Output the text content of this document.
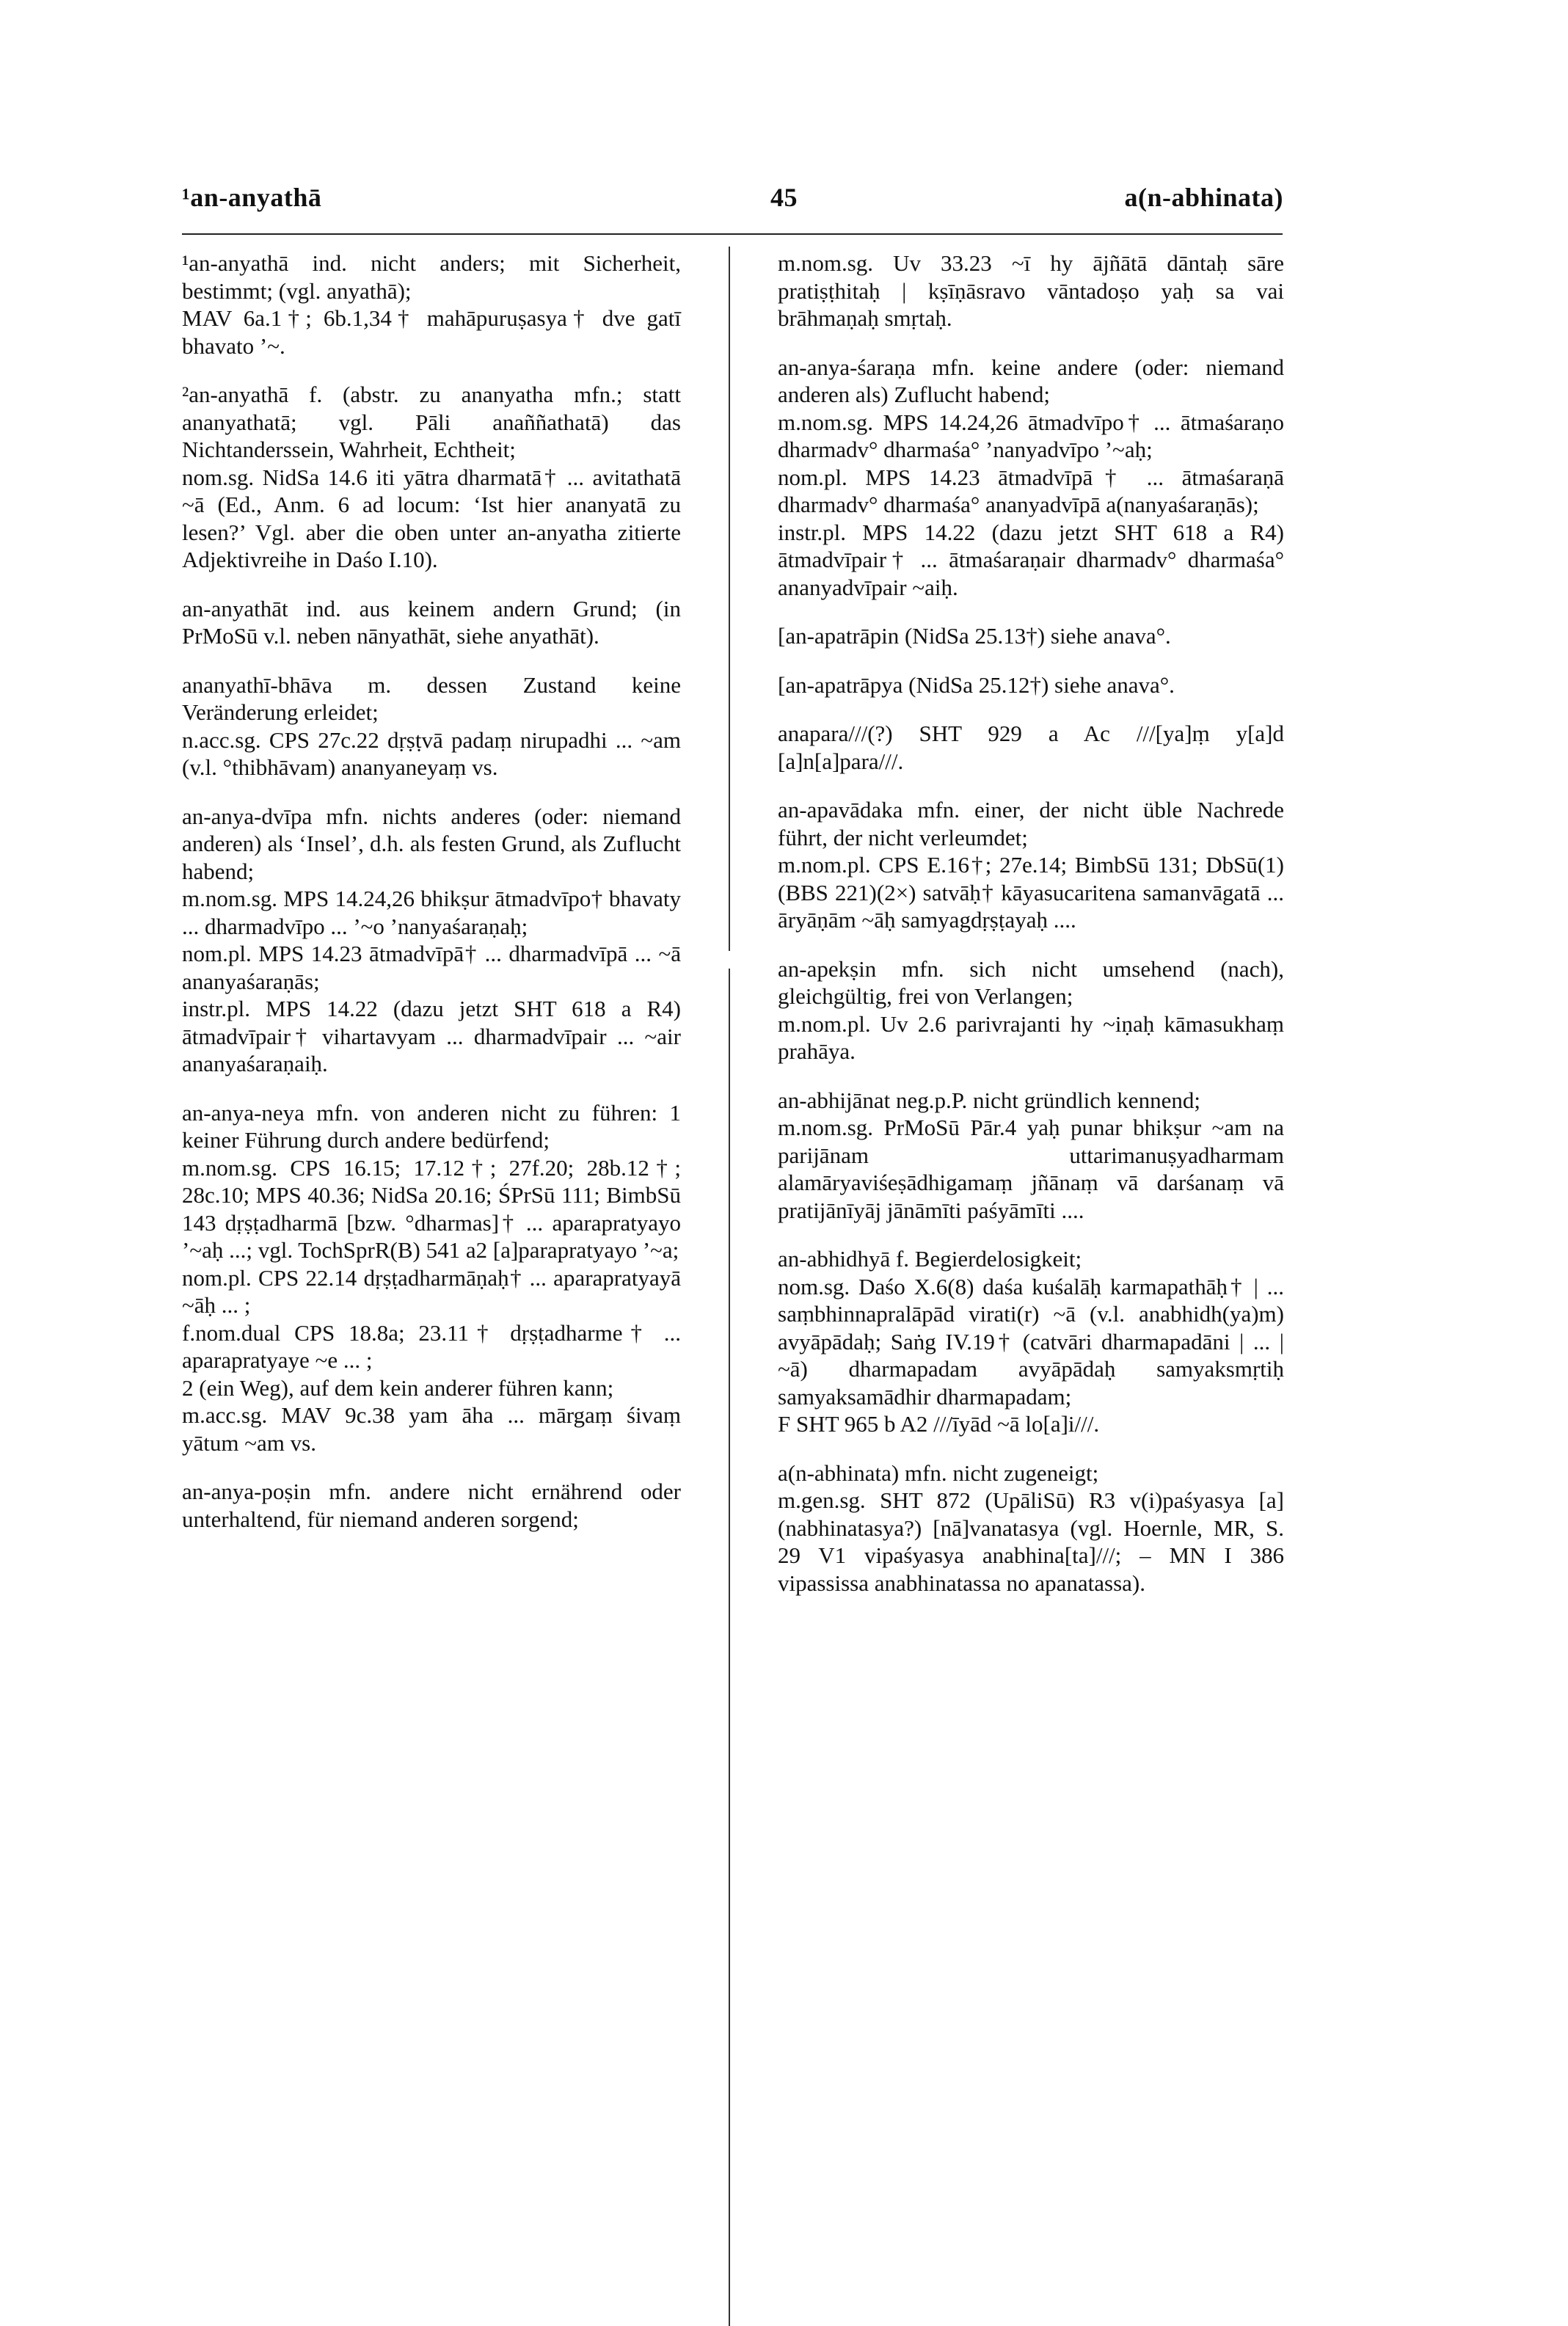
¹an-anyathā	45	a(n-abhinata)

¹an-anyathā ind. nicht anders; mit Sicherheit, bestimmt; (vgl. anyathā);

MAV 6a.1†; 6b.1,34† mahāpuruṣasya† dve gatī bhavato ’~.

²an-anyathā f. (abstr. zu ananyatha mfn.; statt ananyathatā; vgl. Pāli anaññathatā) das Nichtanderssein, Wahrheit, Echtheit;

nom.sg. NidSa 14.6 iti yātra dharmatā† ... avitathatā ~ā (Ed., Anm. 6 ad locum: ‘Ist hier ananyatā zu lesen?’ Vgl. aber die oben unter an-anyatha zitierte Adjektivreihe in Daśo I.10).

an-anyathāt ind. aus keinem andern Grund; (in PrMoSū v.l. neben nānyathāt, siehe anyathāt).

ananyathī-bhāva m. dessen Zustand keine Veränderung erleidet;

n.acc.sg. CPS 27c.22 dṛṣṭvā padaṃ nirupadhi ... ~am (v.l. °thibhāvam) ananyaneyaṃ vs.

an-anya-dvīpa mfn. nichts anderes (oder: niemand anderen) als ‘Insel’, d.h. als festen Grund, als Zuflucht habend;

m.nom.sg. MPS 14.24,26 bhikṣur ātmadvīpo† bhavaty ... dharmadvīpo ... ’~o ’nanyaśaraṇaḥ;

nom.pl. MPS 14.23 ātmadvīpā† ... dharmadvīpā ... ~ā ananyaśaraṇās;

instr.pl. MPS 14.22 (dazu jetzt SHT 618 a R4) ātmadvīpair† vihartavyam ... dharmadvīpair ... ~air ananyaśaraṇaiḥ.

an-anya-neya mfn. von anderen nicht zu führen: 1 keiner Führung durch andere bedürfend;

m.nom.sg. CPS 16.15; 17.12†; 27f.20; 28b.12†; 28c.10; MPS 40.36; NidSa 20.16; ŚPrSū 111; BimbSū 143 dṛṣṭadharmā [bzw. °dharmas]† ... aparapratyayo ’~aḥ ...; vgl. TochSprR(B) 541 a2 [a]parapratyayo ’~a;

nom.pl. CPS 22.14 dṛṣṭadharmāṇaḥ† ... aparapratyayā ~āḥ ... ;

f.nom.dual CPS 18.8a; 23.11† dṛṣṭadharme† ... aparapratyaye ~e ... ;

2 (ein Weg), auf dem kein anderer führen kann;

m.acc.sg. MAV 9c.38 yam āha ... mārgaṃ śivaṃ yātum ~am vs.

an-anya-poṣin mfn. andere nicht ernährend oder unterhaltend, für niemand anderen sorgend;

m.nom.sg. Uv 33.23 ~ī hy ājñātā dāntaḥ sāre pratiṣṭhitaḥ | kṣīṇāsravo vāntadoṣo yaḥ sa vai brāhmaṇaḥ smṛtaḥ.

an-anya-śaraṇa mfn. keine andere (oder: niemand anderen als) Zuflucht habend;

m.nom.sg. MPS 14.24,26 ātmadvīpo† ... ātmaśaraṇo dharmadv° dharmaśa° ’nanyadvīpo ’~aḥ;

nom.pl. MPS 14.23 ātmadvīpā† ... ātmaśaraṇā dharmadv° dharmaśa° ananyadvīpā a(nanyaśaraṇās);

instr.pl. MPS 14.22 (dazu jetzt SHT 618 a R4) ātmadvīpair† ... ātmaśaraṇair dharmadv° dharmaśa° ananyadvīpair ~aiḥ.

[an-apatrāpin (NidSa 25.13†) siehe anava°.

[an-apatrāpya (NidSa 25.12†) siehe anava°.

anapara///(?) SHT 929 a Ac ///[ya]ṃ y[a]d [a]n[a]para///.

an-apavādaka mfn. einer, der nicht üble Nachrede führt, der nicht verleumdet;

m.nom.pl. CPS E.16†; 27e.14; BimbSū 131; DbSū(1) (BBS 221)(2×) satvāḥ† kāyasucaritena samanvāgatā ... āryāṇām ~āḥ samyagdṛṣṭayaḥ ....

an-apekṣin mfn. sich nicht umsehend (nach), gleichgültig, frei von Verlangen;

m.nom.pl. Uv 2.6 parivrajanti hy ~iṇaḥ kāmasukhaṃ prahāya.

an-abhijānat neg.p.P. nicht gründlich kennend;

m.nom.sg. PrMoSū Pār.4 yaḥ punar bhikṣur ~am na parijānam uttarimanuṣyadharmam alamāryaviśeṣādhigamaṃ jñānaṃ vā darśanaṃ vā pratijānīyāj jānāmīti paśyāmīti ....

an-abhidhyā f. Begierdelosigkeit;

nom.sg. Daśo X.6(8) daśa kuśalāḥ karmapathāḥ† | ... saṃbhinnapralāpād virati(r) ~ā (v.l. anabhidh(ya)m) avyāpādaḥ; Saṅg IV.19† (catvāri dharmapadāni | ... | ~ā) dharmapadam avyāpādaḥ samyaksmṛtiḥ samyaksamādhir dharmapadam;

F SHT 965 b A2 ///īyād ~ā lo[a]i///.

a(n-abhinata) mfn. nicht zugeneigt;

m.gen.sg. SHT 872 (UpāliSū) R3 v(i)paśyasya [a](nabhinatasya?) [nā]vanatasya (vgl. Hoernle, MR, S. 29 V1 vipaśyasya anabhina[ta]///; – MN I 386 vipassissa anabhinatassa no apanatassa).
